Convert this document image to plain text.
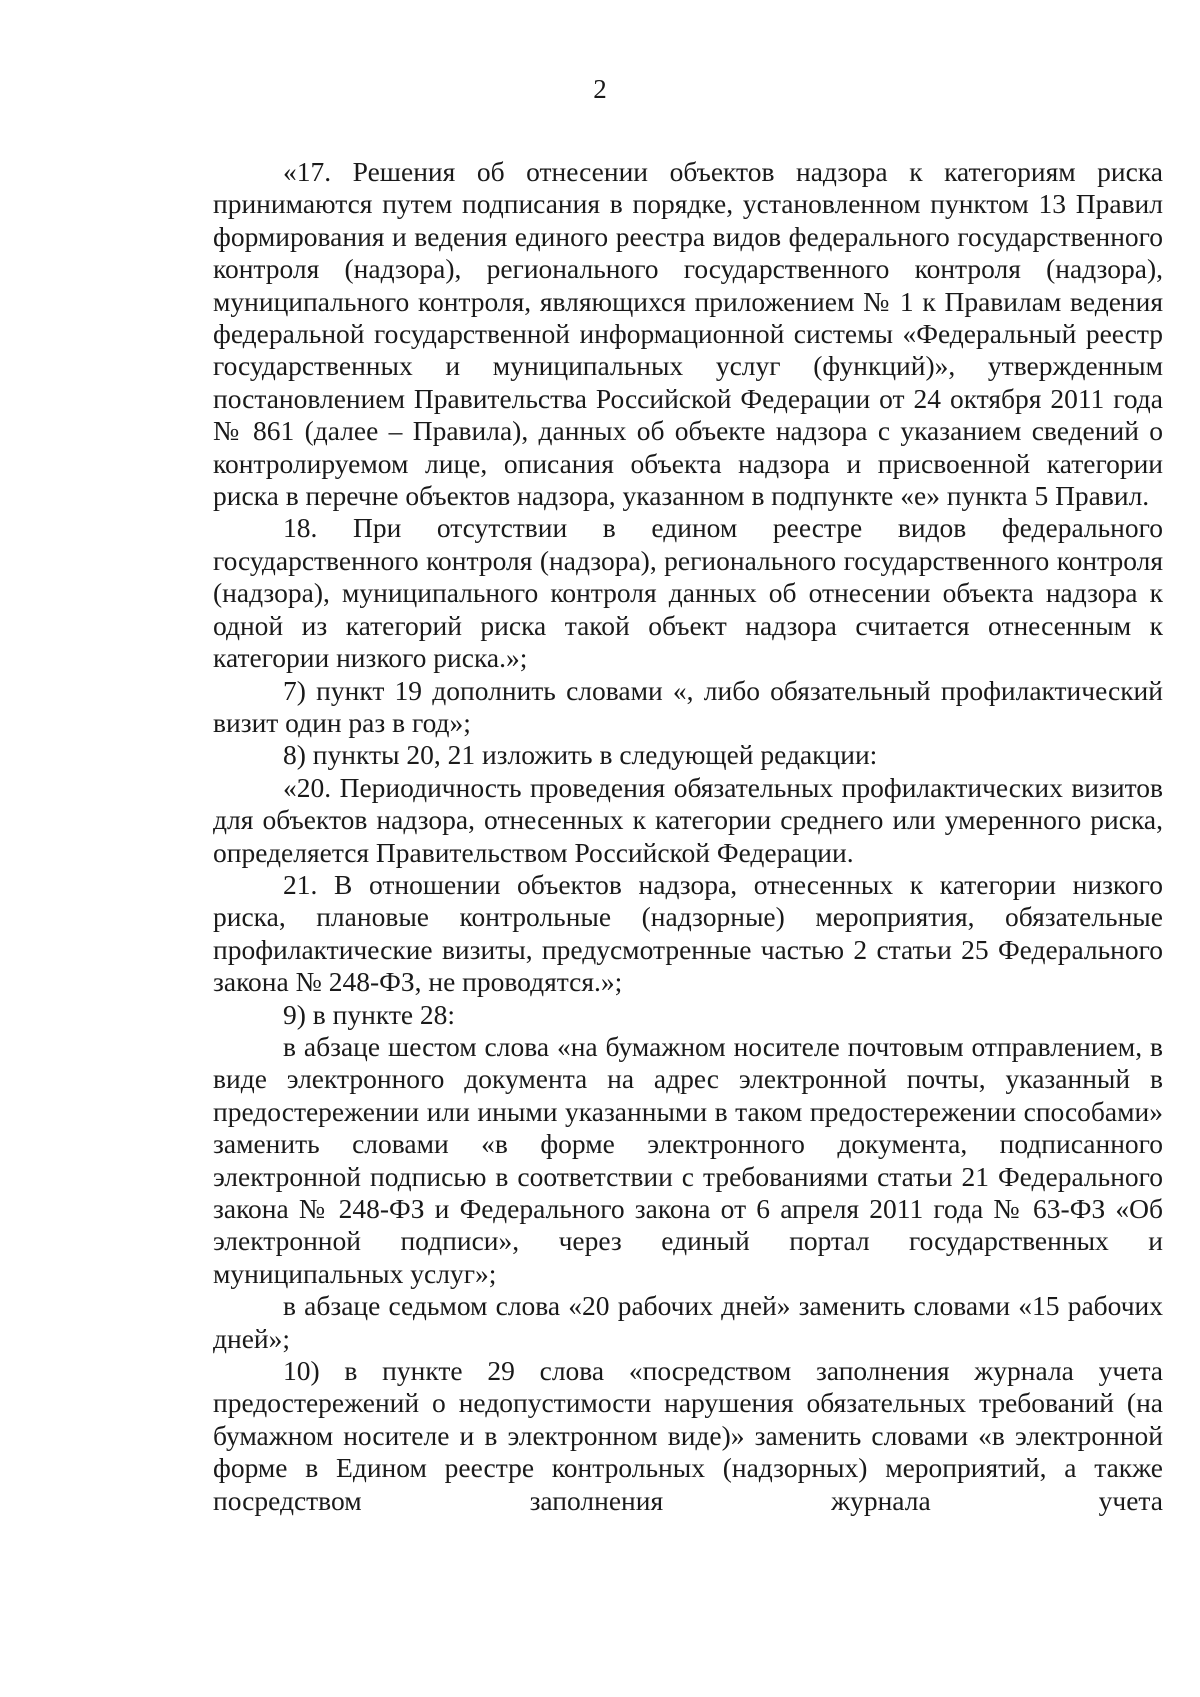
2

«17. Решения об отнесении объектов надзора к категориям риска принимаются путем подписания в порядке, установленном пунктом 13 Правил формирования и ведения единого реестра видов федерального государственного контроля (надзора), регионального государственного контроля (надзора), муниципального контроля, являющихся приложением № 1 к Правилам ведения федеральной государственной информационной системы «Федеральный реестр государственных и муниципальных услуг (функций)», утвержденным постановлением Правительства Российской Федерации от 24 октября 2011 года № 861 (далее – Правила), данных об объекте надзора с указанием сведений о контролируемом лице, описания объекта надзора и присвоенной категории риска в перечне объектов надзора, указанном в подпункте «е» пункта 5 Правил.

18. При отсутствии в едином реестре видов федерального государственного контроля (надзора), регионального государственного контроля (надзора), муниципального контроля данных об отнесении объекта надзора к одной из категорий риска такой объект надзора считается отнесенным к категории низкого риска.»;

7) пункт 19 дополнить словами «, либо обязательный профилактический визит один раз в год»;

8) пункты 20, 21 изложить в следующей редакции:

«20. Периодичность проведения обязательных профилактических визитов для объектов надзора, отнесенных к категории среднего или умеренного риска, определяется Правительством Российской Федерации.

21. В отношении объектов надзора, отнесенных к категории низкого риска, плановые контрольные (надзорные) мероприятия, обязательные профилактические визиты, предусмотренные частью 2 статьи 25 Федерального закона № 248-ФЗ, не проводятся.»;

9) в пункте 28:

в абзаце шестом слова «на бумажном носителе почтовым отправлением, в виде электронного документа на адрес электронной почты, указанный в предостережении или иными указанными в таком предостережении способами» заменить словами «в форме электронного документа, подписанного электронной подписью в соответствии с требованиями статьи 21 Федерального закона № 248-ФЗ и Федерального закона от 6 апреля 2011 года № 63-ФЗ «Об электронной подписи», через единый портал государственных и муниципальных услуг»;

в абзаце седьмом слова «20 рабочих дней» заменить словами «15 рабочих дней»;

10) в пункте 29 слова «посредством заполнения журнала учета предостережений о недопустимости нарушения обязательных требований (на бумажном носителе и в электронном виде)» заменить словами «в электронной форме в Едином реестре контрольных (надзорных) мероприятий, а также посредством заполнения журнала учета
